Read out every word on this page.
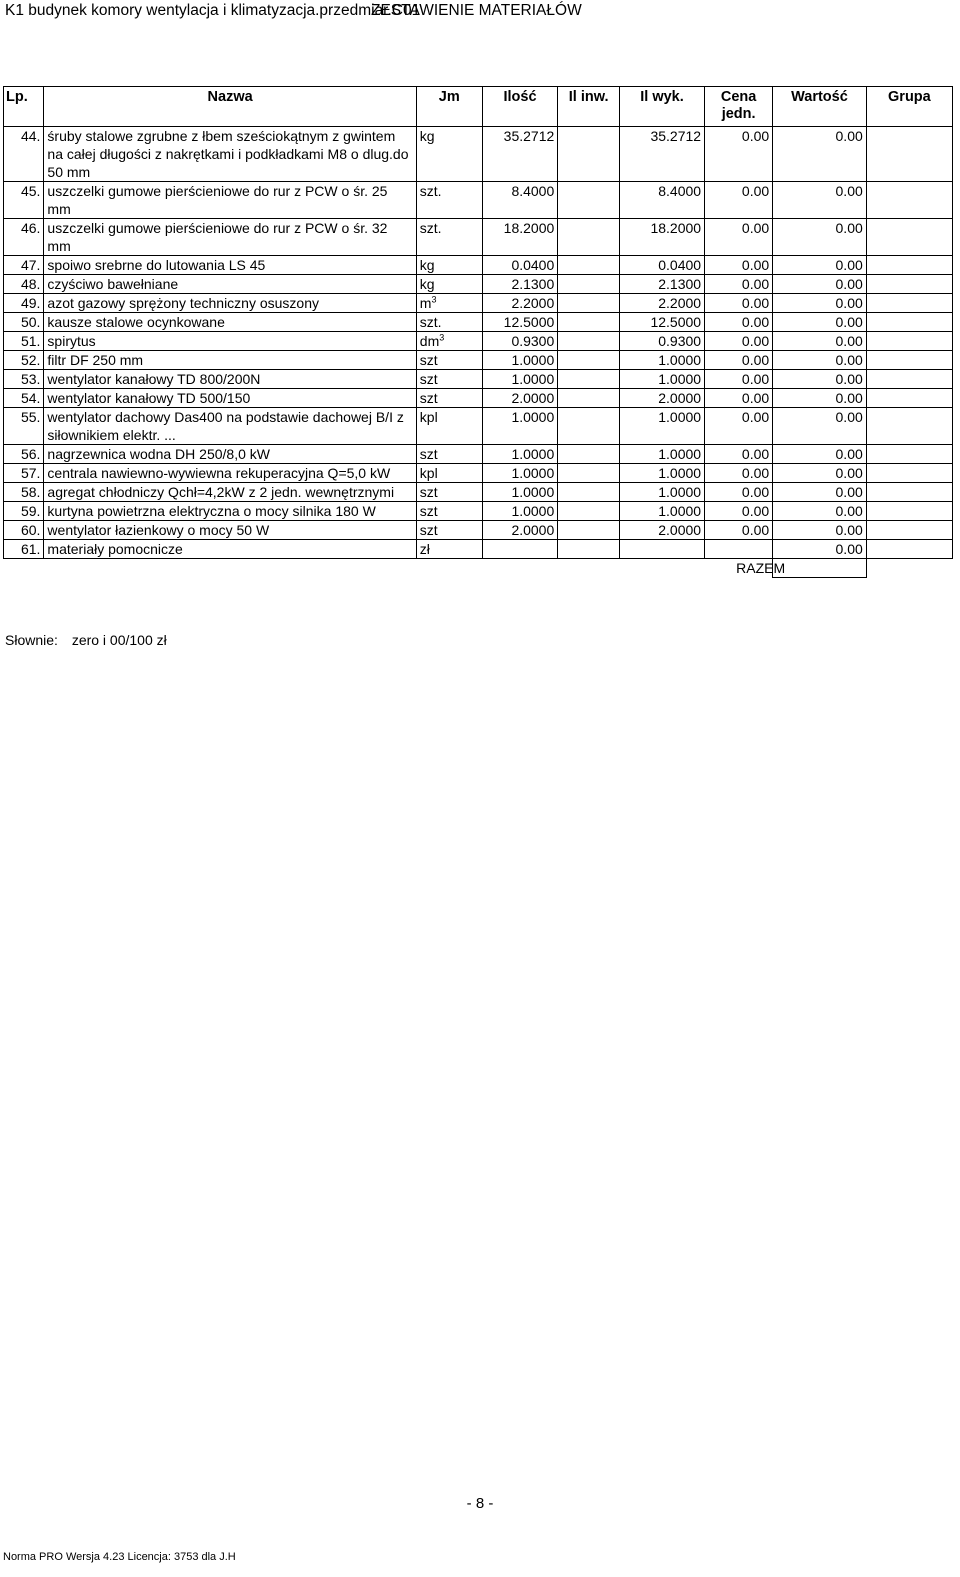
K1 budynek komory wentylacja i klimatyzacja.przedmiar.C01
ZESTAWIENIE MATERIAŁÓW
Lp.	Nazwa	Jm	Ilość	Il inw.	Il wyk.	Cena jedn.	Wartość	Grupa
44.	śruby stalowe zgrubne z łbem sześciokątnym z gwintem na całej długości z nakrętkami i podkładkami M8 o dlug.do 50 mm	kg	35.2712		35.2712	0.00	0.00	
45.	uszczelki gumowe pierścieniowe do rur z PCW o śr. 25 mm	szt.	8.4000		8.4000	0.00	0.00	
46.	uszczelki gumowe pierścieniowe do rur z PCW o śr. 32 mm	szt.	18.2000		18.2000	0.00	0.00	
47.	spoiwo srebrne do lutowania LS 45	kg	0.0400		0.0400	0.00	0.00	
48.	czyściwo bawełniane	kg	2.1300		2.1300	0.00	0.00	
49.	azot gazowy sprężony techniczny osuszony	$m^3$	2.2000		2.2000	0.00	0.00	
50.	kausze stalowe ocynkowane	szt.	12.5000		12.5000	0.00	0.00	
51.	spirytus	$dm^3$	0.9300		0.9300	0.00	0.00	
52.	filtr DF 250 mm	szt	1.0000		1.0000	0.00	0.00	
53.	wentylator kanałowy TD 800/200N	szt	1.0000		1.0000	0.00	0.00	
54.	wentylator kanałowy TD 500/150	szt	2.0000		2.0000	0.00	0.00	
55.	wentylator dachowy Das400 na podstawie dachowej B/I z siłownikiem elektr. ...	kpl	1.0000		1.0000	0.00	0.00	
56.	nagrzewnica wodna DH 250/8,0 kW	szt	1.0000		1.0000	0.00	0.00	
57.	centrala nawiewno-wywiewna rekuperacyjna Q=5,0 kW	kpl	1.0000		1.0000	0.00	0.00	
58.	agregat chłodniczy Qchł=4,2kW z 2 jedn. wewnętrznymi	szt	1.0000		1.0000	0.00	0.00	
59.	kurtyna powietrzna elektryczna o mocy silnika 180 W	szt	1.0000		1.0000	0.00	0.00	
60.	wentylator łazienkowy o mocy 50 W	szt	2.0000		2.0000	0.00	0.00	
61.	materiały pomocnicze	zł					0.00	
						RAZEM		
Słownie: zero i 00/100 zł
- 8 -
Norma PRO Wersja 4.23 Licencja: 3753 dla J.H
